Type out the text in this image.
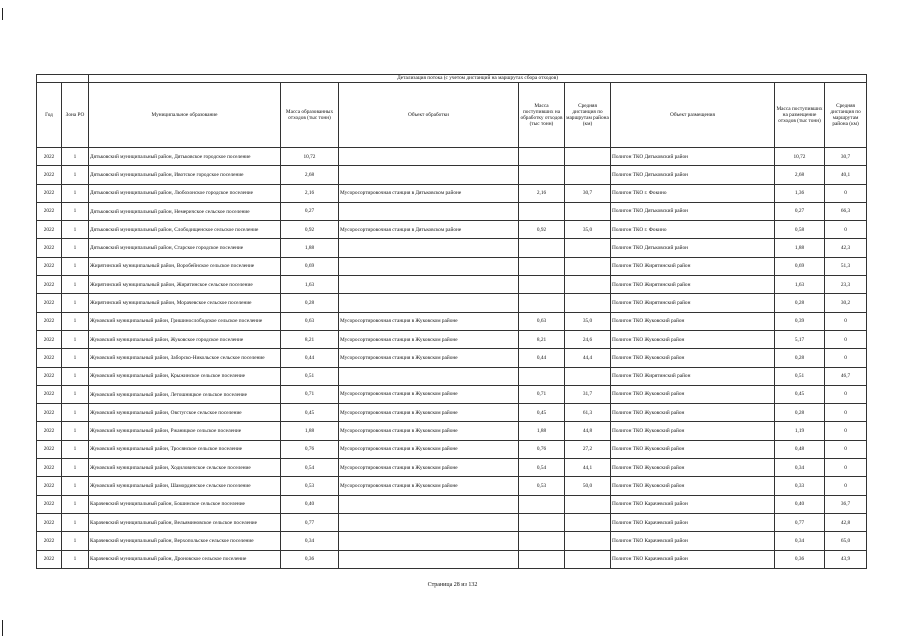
		Детализация потока (с учетом дистанций на маршрутах сбора отходов)							
Год	Зона РО	Муниципальное образование	Масса образованных отходов (тыс тонн)	Объект обработки	Масса поступивших на обработку отходов (тыс тонн)	Средняя дистанция по маршрутам района (км)	Объект размещения	Масса поступивших на размещение отходов (тыс тонн)	Средняя дистанция по маршрутам района (км)
2022	1	Дятьковский муниципальный район, Дятьковское городское поселение	10,72				Полигон ТКО Дятьковский район	10,72	30,7
2022	1	Дятьковский муниципальный район, Ивотское городское поселение	2,68				Полигон ТКО Дятьковский район	2,68	40,1
2022	1	Дятьковский муниципальный район, Любохонское городское поселение	2,16	Мусоросортировочная станция в Дятьковском районе	2,16	30,7	Полигон ТКО г. Фокино	1,36	0
2022	1	Дятьковский муниципальный район, Немеричское сельское поселение	0,27				Полигон ТКО Дятьковский район	0,27	66,3
2022	1	Дятьковский муниципальный район, Слободищенское сельское поселение	0,92	Мусоросортировочная станция в Дятьковском районе	0,92	35,0	Полигон ТКО г. Фокино	0,58	0
2022	1	Дятьковский муниципальный район, Старское городское поселение	1,88				Полигон ТКО Дятьковский район	1,88	42,3
2022	1	Жирятинский муниципальный район, Воробейнское сельское поселение	0,69				Полигон ТКО Жирятинский район	0,69	51,3
2022	1	Жирятинский муниципальный район, Жирятинское сельское поселение	1,63				Полигон ТКО Жирятинский район	1,63	23,3
2022	1	Жирятинский муниципальный район, Морачевское сельское поселение	0,28				Полигон ТКО Жирятинский район	0,28	30,2
2022	1	Жуковский муниципальный район, Гришинослободское сельское поселение	0,63	Мусоросортировочная станция в Жуковском районе	0,63	35,0	Полигон ТКО Жуковский район	0,39	0
2022	1	Жуковский муниципальный район, Жуковское городское поселение	8,21	Мусоросортировочная станция в Жуковском районе	8,21	24,6	Полигон ТКО Жуковский район	5,17	0
2022	1	Жуковский муниципальный район, Заборско-Никольское сельское поселение	0,44	Мусоросортировочная станция в Жуковском районе	0,44	44,4	Полигон ТКО Жуковский район	0,28	0
2022	1	Жуковский муниципальный район, Крыжинское сельское поселение	0,51				Полигон ТКО Жирятинский район	0,51	46,7
2022	1	Жуковский муниципальный район, Летошницкое сельское поселение	0,71	Мусоросортировочная станция в Жуковском районе	0,71	31,7	Полигон ТКО Жуковский район	0,45	0
2022	1	Жуковский муниципальный район, Овстугское сельское поселение	0,45	Мусоросортировочная станция в Жуковском районе	0,45	61,3	Полигон ТКО Жуковский район	0,28	0
2022	1	Жуковский муниципальный район, Ржаницкое сельское поселение	1,88	Мусоросортировочная станция в Жуковском районе	1,88	44,8	Полигон ТКО Жуковский район	1,19	0
2022	1	Жуковский муниципальный район, Тросянское сельское поселение	0,76	Мусоросортировочная станция в Жуковском районе	0,76	27,2	Полигон ТКО Жуковский район	0,48	0
2022	1	Жуковский муниципальный район, Ходиловичское сельское поселение	0,54	Мусоросортировочная станция в Жуковском районе	0,54	44,1	Полигон ТКО Жуковский район	0,34	0
2022	1	Жуковский муниципальный район, Шамординское сельское поселение	0,53	Мусоросортировочная станция в Жуковском районе	0,53	50,0	Полигон ТКО Жуковский район	0,33	0
2022	1	Карачевский муниципальный район, Бошинское сельское поселение	0,40				Полигон ТКО Карачевский район	0,40	36,7
2022	1	Карачевский муниципальный район, Вельяминовское сельское поселение	0,77				Полигон ТКО Карачевский район	0,77	42,8
2022	1	Карачевский муниципальный район, Верхопольское сельское поселение	0,34				Полигон ТКО Карачевский район	0,34	65,0
2022	1	Карачевский муниципальный район, Дроновское сельское поселение	0,36				Полигон ТКО Карачевский район	0,36	43,9
Страница 28 из 132
